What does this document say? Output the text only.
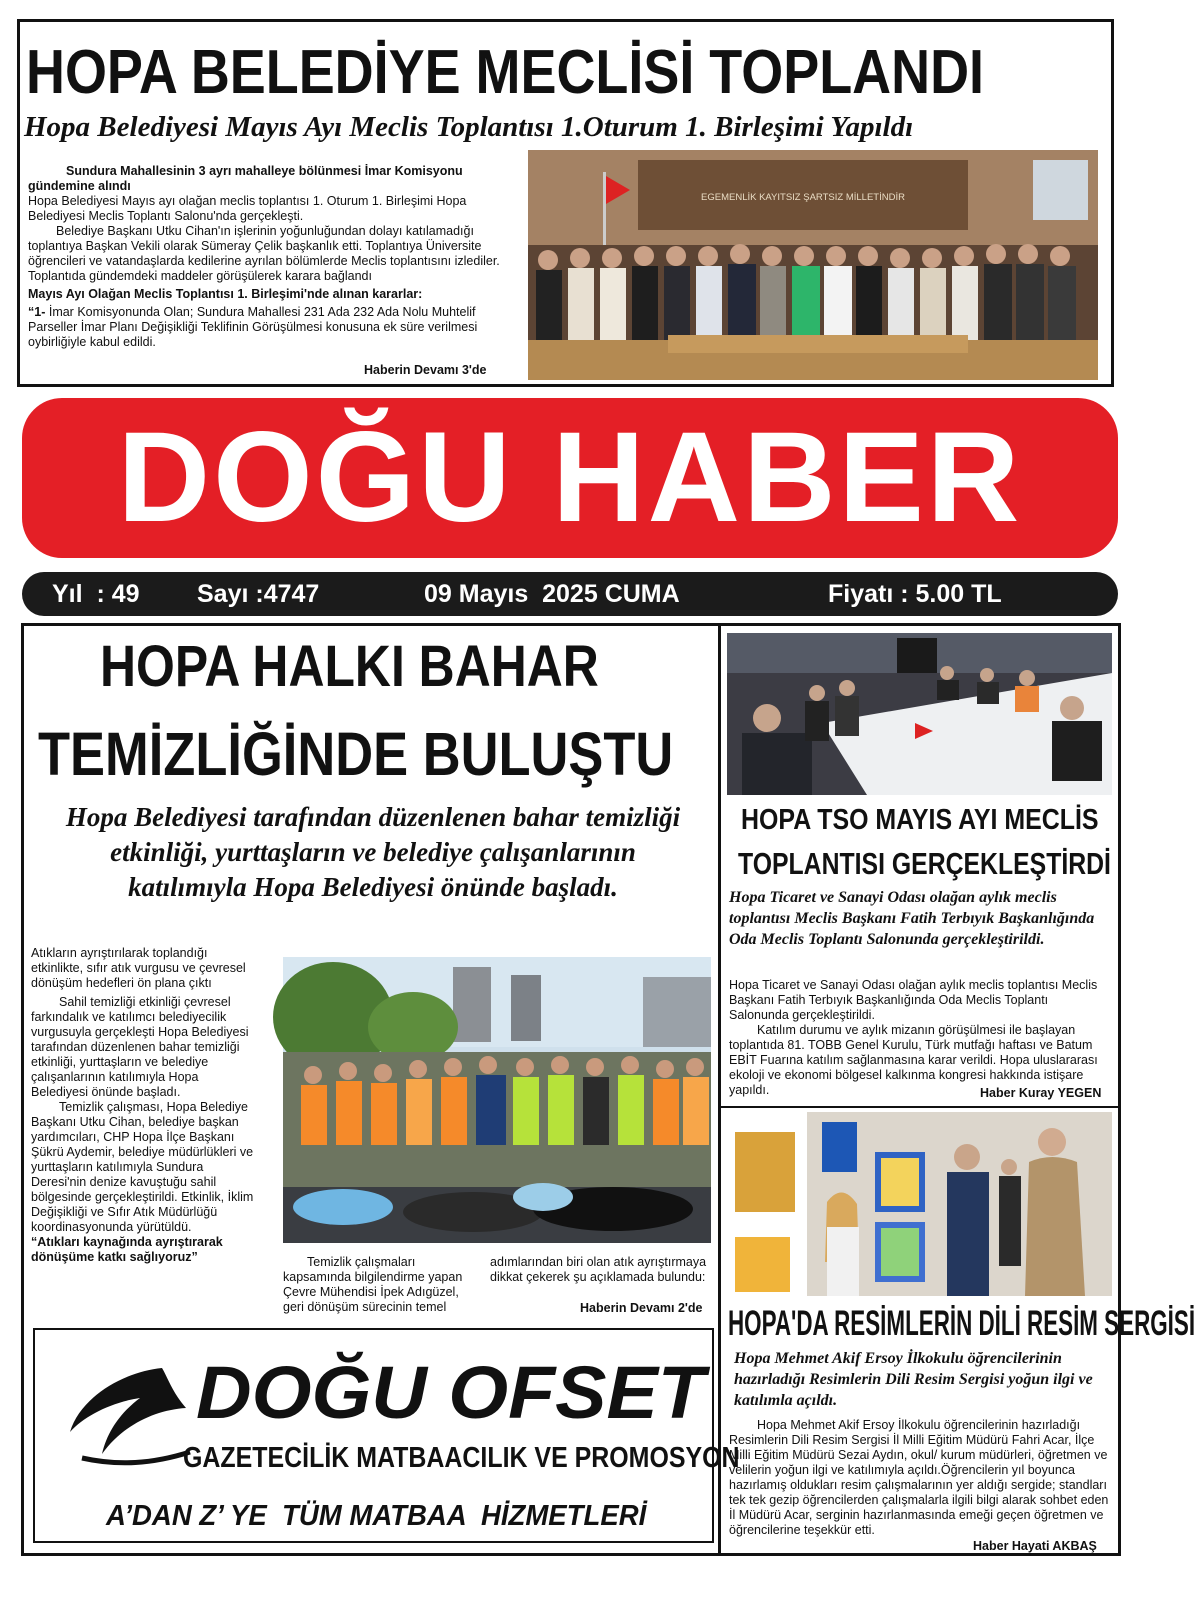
HOPA BELEDİYE MECLİSİ TOPLANDI
Hopa Belediyesi Mayıs Ayı Meclis Toplantısı 1.Oturum 1. Birleşimi Yapıldı

Sundura Mahallesinin 3 ayrı mahalleye bölünmesi İmar Komisyonu gündemine alındı

Hopa Belediyesi Mayıs ayı olağan meclis toplantısı 1. Oturum 1. Birleşimi Hopa Belediyesi Meclis Toplantı Salonu'nda gerçekleşti.

Belediye Başkanı Utku Cihan'ın işlerinin yoğunluğundan dolayı katılamadığı toplantıya Başkan Vekili olarak Sümeray Çelik başkanlık etti. Toplantıya Üniversite öğrencileri ve vatandaşlarda kedilerine ayrılan bölümlerde Meclis toplantısını izlediler.

Toplantıda gündemdeki maddeler görüşülerek karara bağlandı

Mayıs Ayı Olağan Meclis Toplantısı 1. Birleşimi'nde alınan kararlar:

“1- İmar Komisyonunda Olan; Sundura Mahallesi 231 Ada 232 Ada Nolu Muhtelif Parseller İmar Planı Değişikliği Teklifinin Görüşülmesi konusuna ek süre verilmesi oybirliğiyle kabul edildi.

Haberin Devamı 3'de
EGEMENLİK KAYITSIZ ŞARTSIZ MİLLETİNDİR
DOĞU HABER
Yıl  : 49 Sayı :4747	09 Mayıs  2025 CUMA	Fiyatı : 5.00 TL
HOPA HALKI BAHAR
TEMİZLİĞİNDE BULUŞTU
Hopa Belediyesi tarafından düzenlenen bahar temizliği etkinliği, yurttaşların ve belediye çalışanlarının katılımıyla Hopa Belediyesi önünde başladı.

Atıkların ayrıştırılarak toplandığı etkinlikte, sıfır atık vurgusu ve çevresel dönüşüm hedefleri ön plana çıktı

Sahil temizliği etkinliği çevresel farkındalık ve katılımcı belediyecilik vurgusuyla gerçekleşti Hopa Belediyesi tarafından düzenlenen bahar temizliği etkinliği, yurttaşların ve belediye çalışanlarının katılımıyla Hopa Belediyesi önünde başladı.

Temizlik çalışması, Hopa Belediye Başkanı Utku Cihan, belediye başkan yardımcıları, CHP Hopa İlçe Başkanı Şükrü Aydemir, belediye müdürlükleri ve yurttaşların katılımıyla Sundura Deresi'nin denize kavuştuğu sahil bölgesinde gerçekleştirildi. Etkinlik, İklim Değişikliği ve Sıfır Atık Müdürlüğü koordinasyonunda yürütüldü.

“Atıkları kaynağında ayrıştırarak dönüşüme katkı sağlıyoruz”	Temizlik çalışmaları kapsamında bilgilendirme yapan Çevre Mühendisi İpek Adıgüzel, geri dönüşüm sürecinin temel
adımlarından biri olan atık ayrıştırmaya dikkat çekerek şu açıklamada bulundu:
Haberin Devamı 2'de
DOĞU OFSET
GAZETECİLİK MATBAACILIK VE PROMOSYON
A’DAN Z’ YE  TÜM MATBAA  HİZMETLERİ
HOPA TSO MAYIS AYI MECLİS
TOPLANTISI GERÇEKLEŞTİRDİ
Hopa Ticaret ve Sanayi Odası olağan aylık meclis toplantısı Meclis Başkanı Fatih Terbıyık Başkanlığında Oda Meclis Toplantı Salonunda gerçekleştirildi.

Hopa Ticaret ve Sanayi Odası olağan aylık meclis toplantısı Meclis Başkanı Fatih Terbıyık Başkanlığında Oda Meclis Toplantı Salonunda gerçekleştirildi.

Katılım durumu ve aylık mizanın görüşülmesi ile başlayan toplantıda 81. TOBB Genel Kurulu, Türk mutfağı haftası ve Batum EBİT Fuarına katılım sağlanmasına karar verildi. Hopa uluslararası ekoloji ve ekonomi bölgesel kalkınma kongresi hakkında istişare yapıldı.	Haber Kuray YEGEN
HOPA'DA RESİMLERİN DİLİ RESİM SERGİSİ
Hopa Mehmet Akif Ersoy İlkokulu öğrencilerinin hazırladığı Resimlerin Dili Resim Sergisi yoğun ilgi ve katılımla açıldı.
Hopa Mehmet Akif Ersoy İlkokulu öğrencilerinin hazırladığı Resimlerin Dili Resim Sergisi İl Milli Eğitim Müdürü Fahri Acar, İlçe Milli Eğitim Müdürü Sezai Aydın, okul/ kurum müdürleri, öğretmen ve velilerin yoğun ilgi ve katılımıyla açıldı.Öğrencilerin yıl boyunca hazırlamış oldukları resim çalışmalarının yer aldığı sergide; standları tek tek gezip öğrencilerden çalışmalarla ilgili bilgi alarak sohbet eden İl Müdürü Acar, serginin hazırlanmasında emeği geçen öğretmen ve öğrencilerine teşekkür etti.
Haber Hayati AKBAŞ
